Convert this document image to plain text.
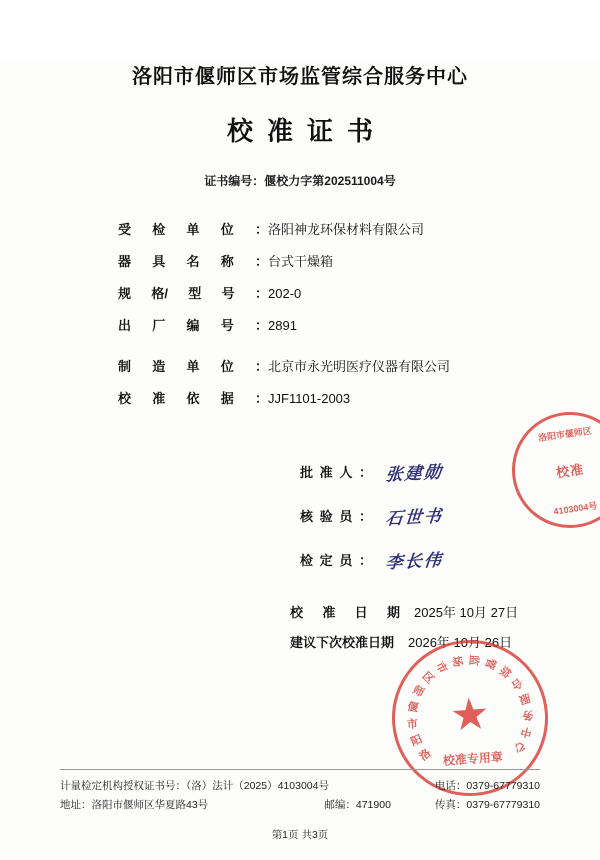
洛阳市偃师区市场监管综合服务中心
校准证书
证书编号：偃校力字第202511004号
受 检 单 位 ： 洛阳神龙环保材料有限公司
器 具 名 称 ： 台式干燥箱
规 格/ 型 号 ： 202-0
出 厂 编 号 ： 2891
制 造 单 位 ： 北京市永光明医疗仪器有限公司
校 准 依 据 ： JJF1101-2003
批 准 人 ： 张建勋
核 验 员 ： 石世书
检 定 员 ： 李长伟
校 准 日 期 2025年 10月 27日
建议下次校准日期 2026年 10月 26日
洛阳市偃师区
校准
4103004号
洛
阳
市
偃
师
区
市 场 监 管
综
合
服
务
中
心
★
校准专用章
计量检定机构授权证书号：（洛）法计（2025）4103004号	电话：0379-67779310
地址：洛阳市偃师区华夏路43号	邮编：471900	传真：0379-67779310
第1页 共3页
